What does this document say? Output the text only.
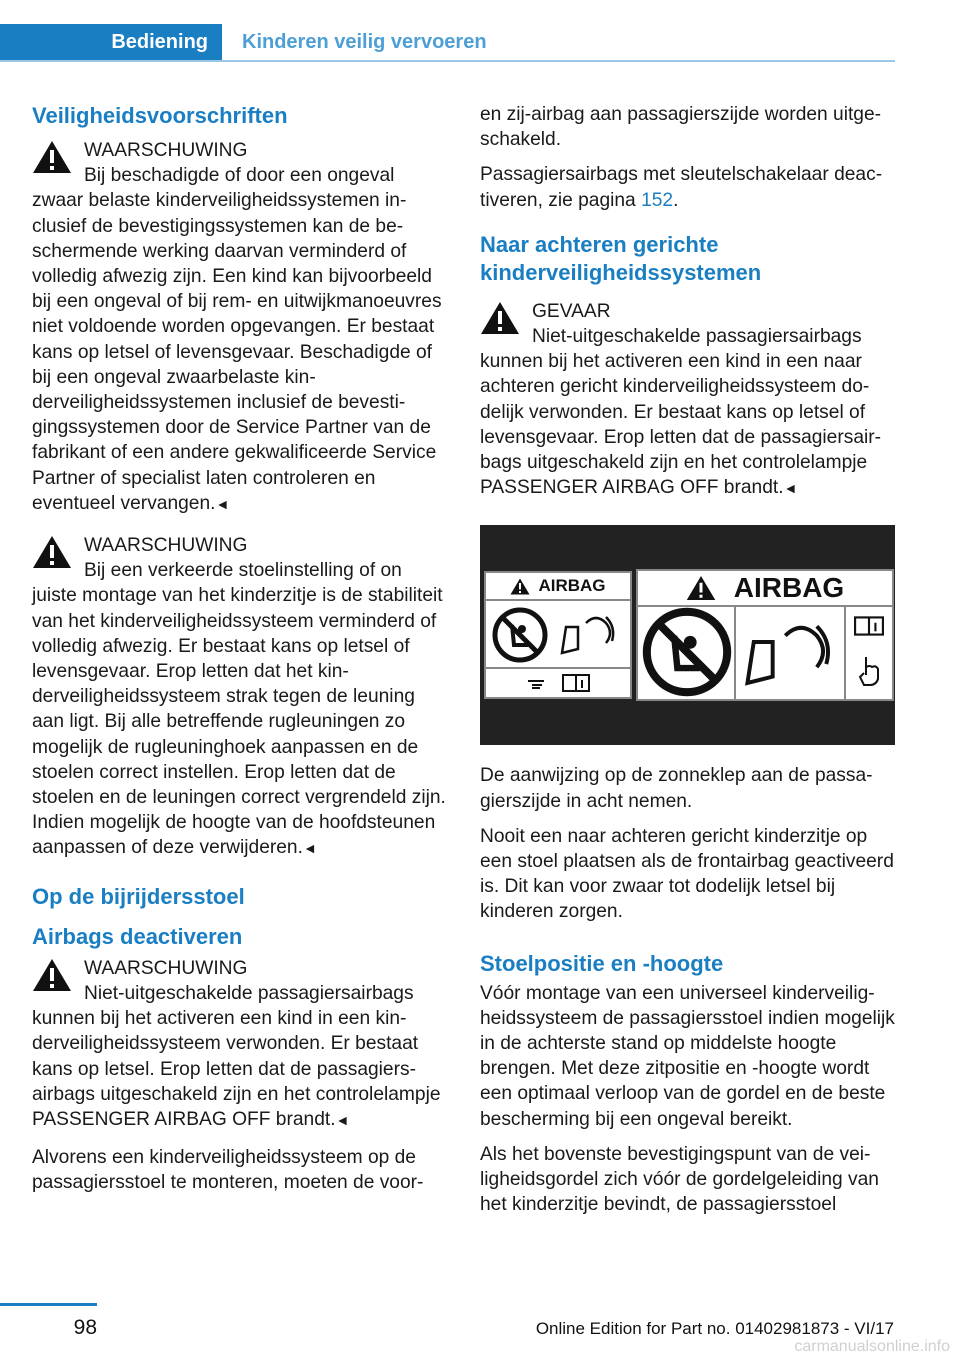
Bediening	Kinderen veilig vervoeren
Veiligheidsvoorschriften
WAARSCHUWING
Bij beschadigde of door een ongeval
zwaar belaste kinderveiligheidssystemen inclusief de bevestigingssystemen kan de beschermende werking daarvan verminderd of volledig afwezig zijn. Een kind kan bijvoorbeeld bij een ongeval of bij rem- en uitwijkmanoeuvres niet voldoende worden opgevangen. Er bestaat kans op letsel of levensgevaar. Beschadigde of bij een ongeval zwaarbelaste kinderveiligheidssystemen inclusief de bevestigingssystemen door de Service Partner van de fabrikant of een andere gekwalificeerde Service Partner of specialist laten controleren en eventueel vervangen.◄
WAARSCHUWING
Bij een verkeerde stoelinstelling of on
juiste montage van het kinderzitje is de stabiliteit van het kinderveiligheidssysteem verminderd of volledig afwezig. Er bestaat kans op letsel of levensgevaar. Erop letten dat het kinderveiligheidssysteem strak tegen de leuning aan ligt. Bij alle betreffende rugleuningen zo mogelijk de rugleuninghoek aanpassen en de stoelen correct instellen. Erop letten dat de stoelen en de leuningen correct vergrendeld zijn. Indien mogelijk de hoogte van de hoofdsteunen aanpassen of deze verwijderen.◄
Op de bijrijdersstoel
Airbags deactiveren
WAARSCHUWING
Niet-uitgeschakelde passagiersairbags
kunnen bij het activeren een kind in een kinderveiligheidssysteem verwonden. Er bestaat kans op letsel. Erop letten dat de passagiersairbags uitgeschakeld zijn en het controlelampje PASSENGER AIRBAG OFF brandt.◄

Alvorens een kinderveiligheidssysteem op de passagiersstoel te monteren, moeten de voor-

en zij-airbag aan passagierszijde worden uitgeschakeld.

Passagiersairbags met sleutelschakelaar deactiveren, zie pagina 152.

Naar achteren gerichte kinderveiligheidssystemen
GEVAAR
Niet-uitgeschakelde passagiersairbags
kunnen bij het activeren een kind in een naar achteren gericht kinderveiligheidssysteem dodelijk verwonden. Er bestaat kans op letsel of levensgevaar. Erop letten dat de passagiersairbags uitgeschakeld zijn en het controlelampje PASSENGER AIRBAG OFF brandt.◄
AIRBAG	AIRBAG

De aanwijzing op de zonneklep aan de passagierszijde in acht nemen.

Nooit een naar achteren gericht kinderzitje op een stoel plaatsen als de frontairbag geactiveerd is. Dit kan voor zwaar tot dodelijk letsel bij kinderen zorgen.

Stoelpositie en -hoogte

Vóór montage van een universeel kinderveiligheidssysteem de passagiersstoel indien mogelijk in de achterste stand op middelste hoogte brengen. Met deze zitpositie en -hoogte wordt een optimaal verloop van de gordel en de beste bescherming bij een ongeval bereikt.

Als het bovenste bevestigingspunt van de veiligheidsgordel zich vóór de gordelgeleiding van het kinderzitje bevindt, de passagiersstoel

98	Online Edition for Part no. 01402981873 - VI/17
carmanualsonline.info
